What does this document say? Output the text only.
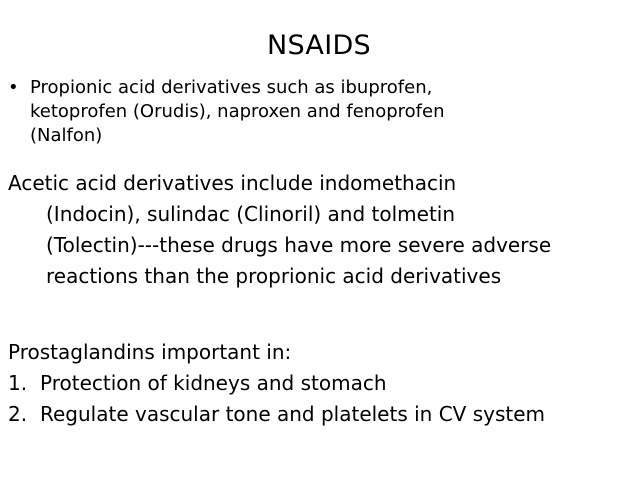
NSAIDS
• Propionic acid derivatives such as ibuprofen,
ketoprofen (Orudis), naproxen and fenoprofen
(Nalfon)
Acetic acid derivatives include indomethacin
(Indocin), sulindac (Clinoril) and tolmetin
(Tolectin)---these drugs have more severe adverse
reactions than the proprionic acid derivatives
Prostaglandins important in:
1. Protection of kidneys and stomach
2. Regulate vascular tone and platelets in CV system
